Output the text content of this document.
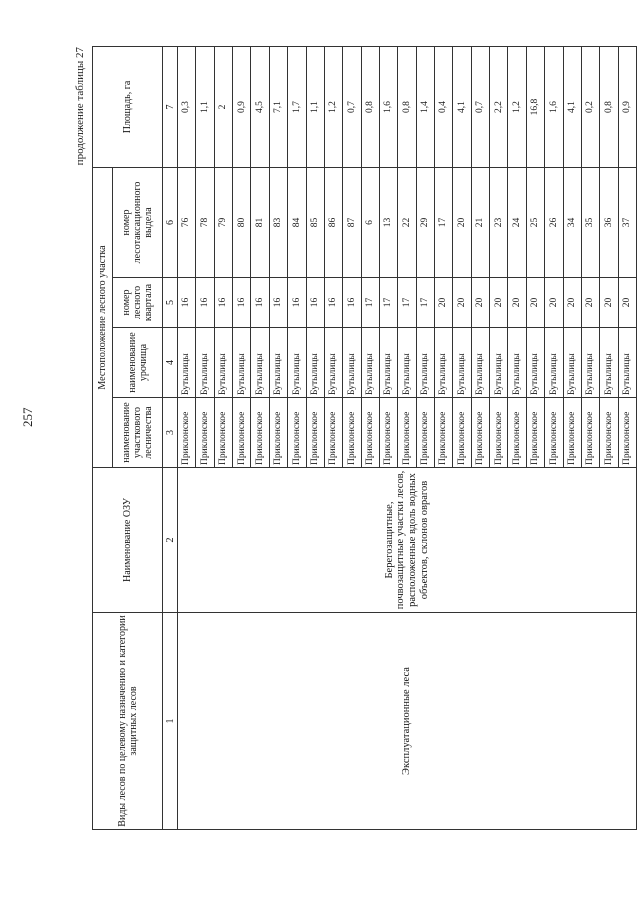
257
продолжение таблицы 27
Виды лесов по целевому назначению и категории защитных лесов	Наименование ОЗУ	Местоположение лесного участка				Площадь, га
		наименование участкового лесничества	наименование урочища	номер лесного квартала	номер лесотаксационного выдела	
1	2	3	4	5	6	7
Эксплуатационные леса	Берегозащитные, почвозащитные участки лесов, расположенные вдоль водных объектов, склонов оврагов	Приклонское	Бутылицы	16	76	0,3
		Приклонское	Бутылицы	16	78	1,1
		Приклонское	Бутылицы	16	79	2
		Приклонское	Бутылицы	16	80	0,9
		Приклонское	Бутылицы	16	81	4,5
		Приклонское	Бутылицы	16	83	7,1
		Приклонское	Бутылицы	16	84	1,7
		Приклонское	Бутылицы	16	85	1,1
		Приклонское	Бутылицы	16	86	1,2
		Приклонское	Бутылицы	16	87	0,7
		Приклонское	Бутылицы	17	6	0,8
		Приклонское	Бутылицы	17	13	1,6
		Приклонское	Бутылицы	17	22	0,8
		Приклонское	Бутылицы	17	29	1,4
		Приклонское	Бутылицы	20	17	0,4
		Приклонское	Бутылицы	20	20	4,1
		Приклонское	Бутылицы	20	21	0,7
		Приклонское	Бутылицы	20	23	2,2
		Приклонское	Бутылицы	20	24	1,2
		Приклонское	Бутылицы	20	25	16,8
		Приклонское	Бутылицы	20	26	1,6
		Приклонское	Бутылицы	20	34	4,1
		Приклонское	Бутылицы	20	35	0,2
		Приклонское	Бутылицы	20	36	0,8
		Приклонское	Бутылицы	20	37	0,9
